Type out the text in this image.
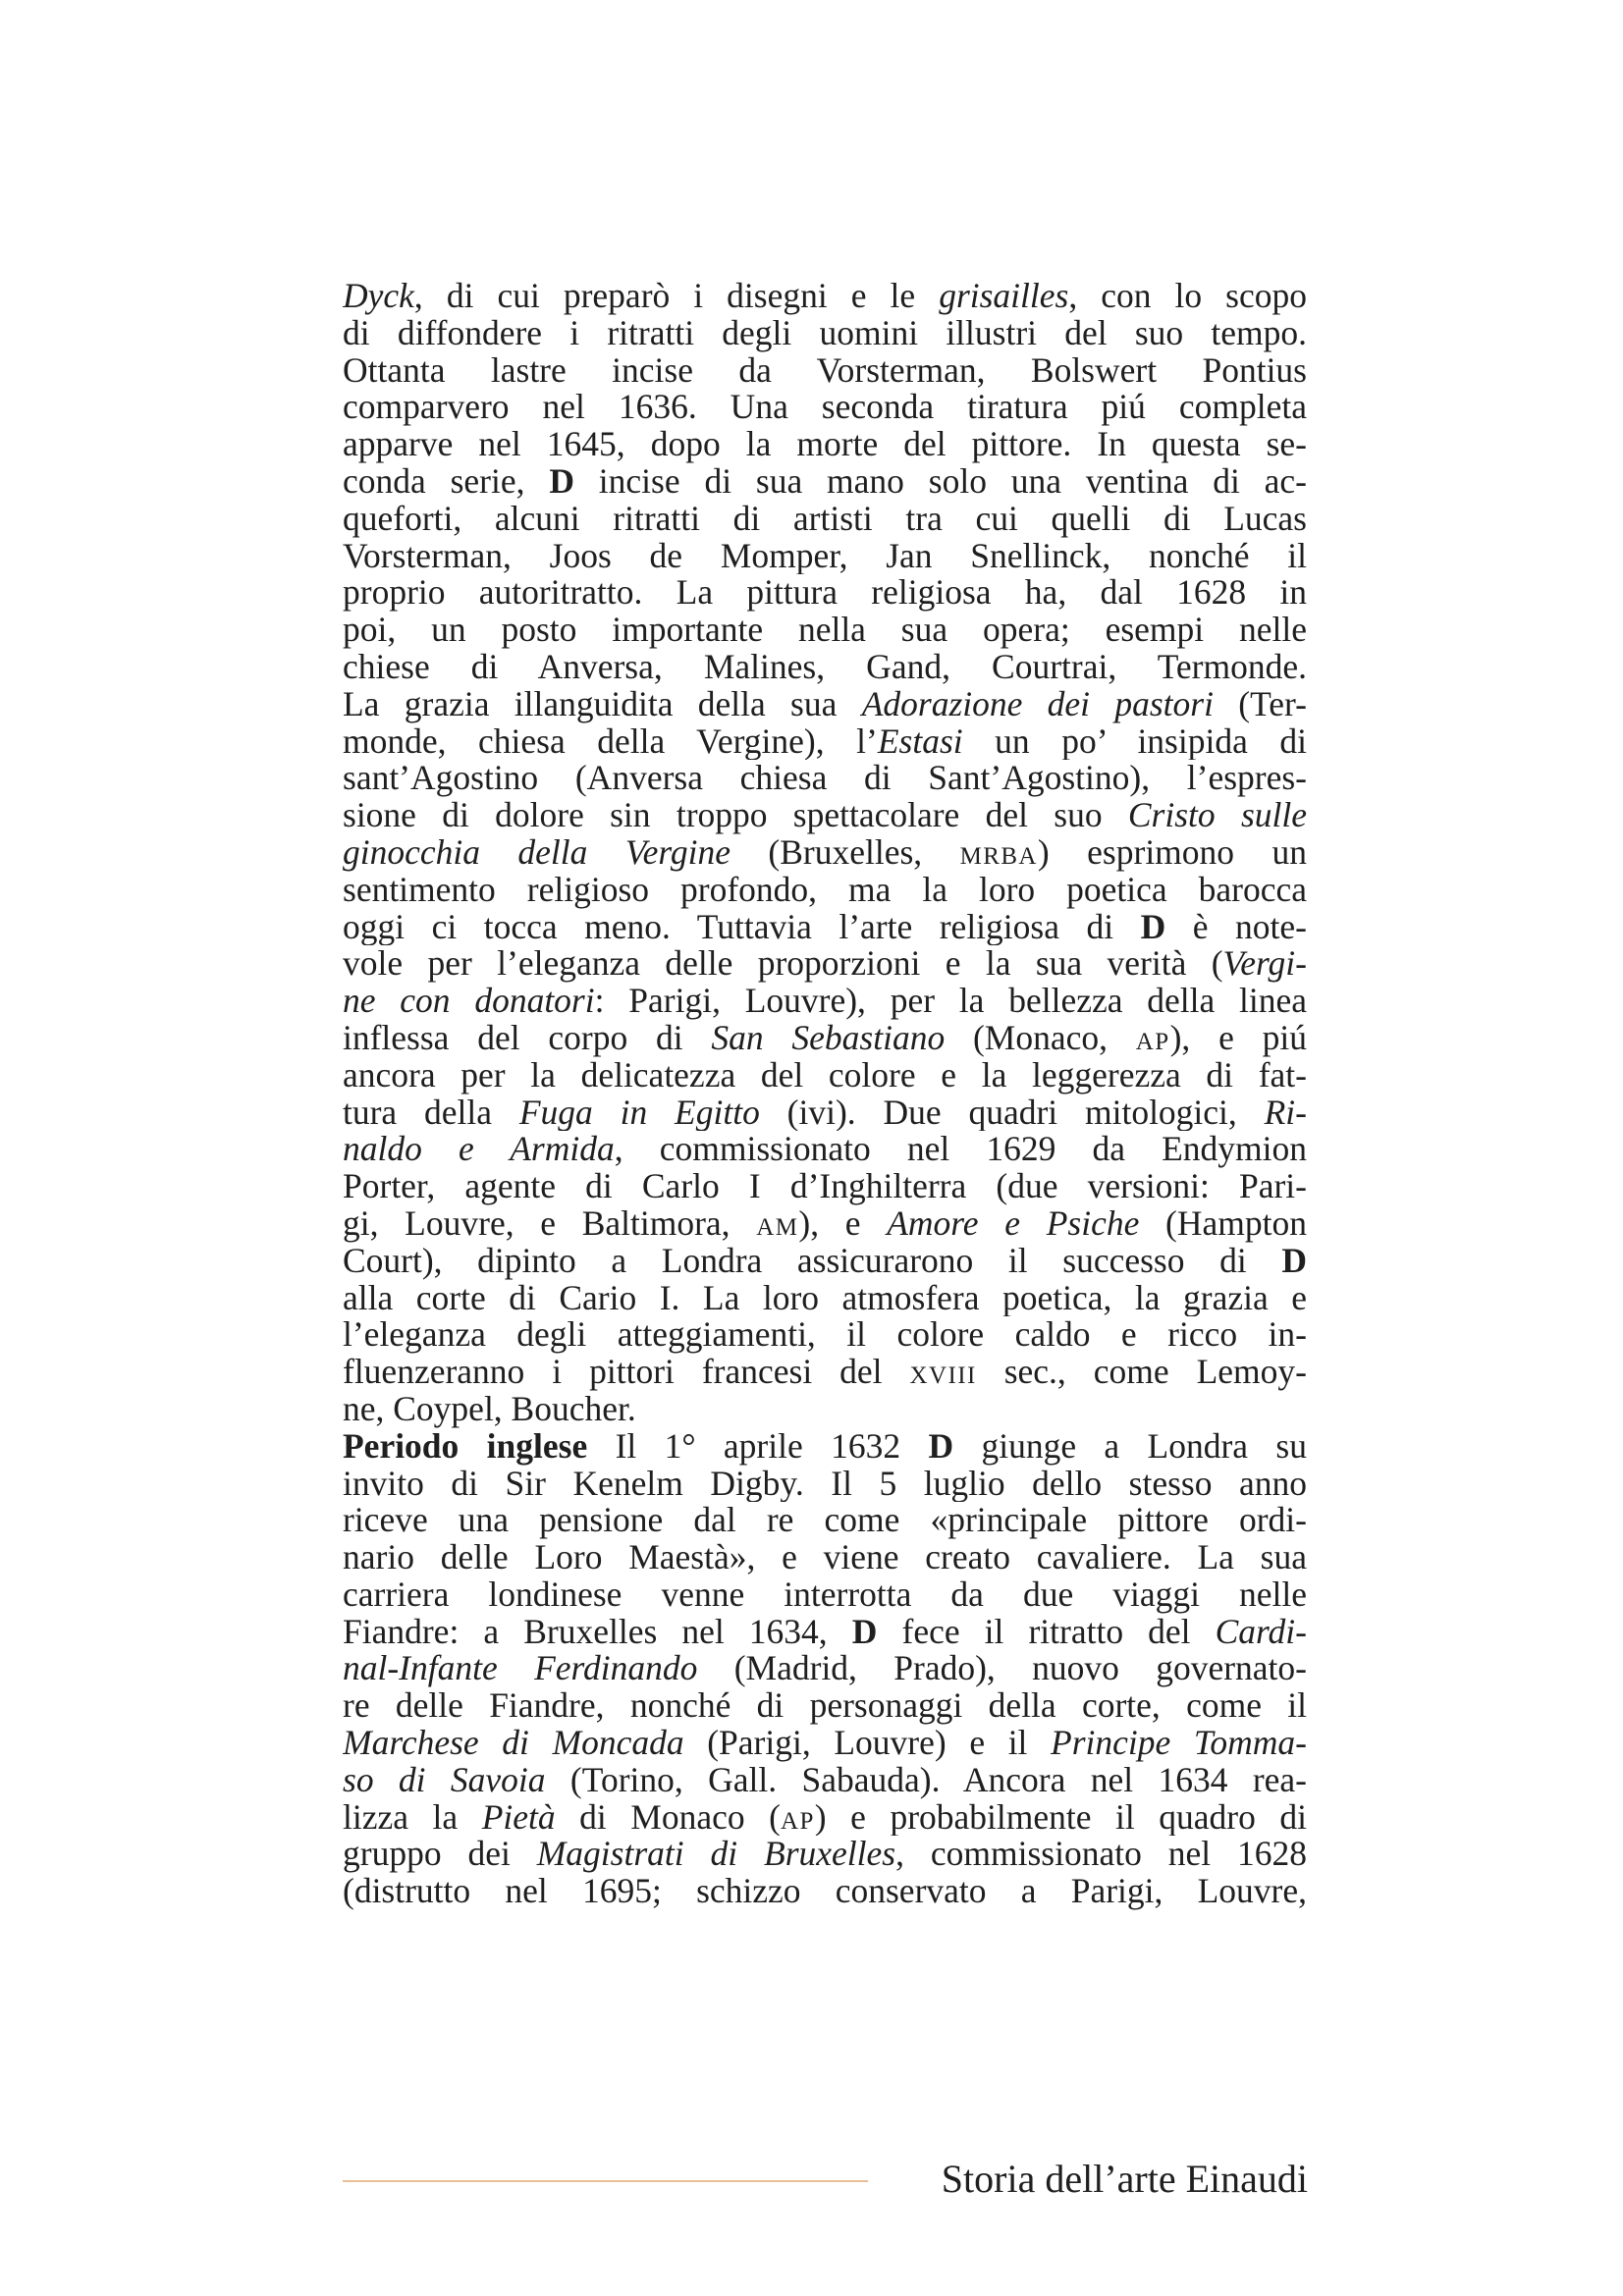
Dyck, di cui preparò i disegni e le grisailles, con lo scopo
di diffondere i ritratti degli uomini illustri del suo tempo.
Ottanta lastre incise da Vorsterman, Bolswert Pontius
comparvero nel 1636. Una seconda tiratura piú completa
apparve nel 1645, dopo la morte del pittore. In questa se-
conda serie, D incise di sua mano solo una ventina di ac-
queforti, alcuni ritratti di artisti tra cui quelli di Lucas
Vorsterman, Joos de Momper, Jan Snellinck, nonché il
proprio autoritratto. La pittura religiosa ha, dal 1628 in
poi, un posto importante nella sua opera; esempi nelle
chiese di Anversa, Malines, Gand, Courtrai, Termonde.
La grazia illanguidita della sua Adorazione dei pastori (Ter-
monde, chiesa della Vergine), l’Estasi un po’ insipida di
sant’Agostino (Anversa chiesa di Sant’Agostino), l’espres-
sione di dolore sin troppo spettacolare del suo Cristo sulle
ginocchia della Vergine (Bruxelles, mrba) esprimono un
sentimento religioso profondo, ma la loro poetica barocca
oggi ci tocca meno. Tuttavia l’arte religiosa di D è note-
vole per l’eleganza delle proporzioni e la sua verità (Vergi-
ne con donatori: Parigi, Louvre), per la bellezza della linea
inflessa del corpo di San Sebastiano (Monaco, ap), e piú
ancora per la delicatezza del colore e la leggerezza di fat-
tura della Fuga in Egitto (ivi). Due quadri mitologici, Ri-
naldo e Armida, commissionato nel 1629 da Endymion
Porter, agente di Carlo I d’Inghilterra (due versioni: Pari-
gi, Louvre, e Baltimora, am), e Amore e Psiche (Hampton
Court), dipinto a Londra assicurarono il successo di D
alla corte di Cario I. La loro atmosfera poetica, la grazia e
l’eleganza degli atteggiamenti, il colore caldo e ricco in-
fluenzeranno i pittori francesi del xviii sec., come Lemoy-
ne, Coypel, Boucher.
Periodo inglese Il 1° aprile 1632 D giunge a Londra su
invito di Sir Kenelm Digby. Il 5 luglio dello stesso anno
riceve una pensione dal re come «principale pittore ordi-
nario delle Loro Maestà», e viene creato cavaliere. La sua
carriera londinese venne interrotta da due viaggi nelle
Fiandre: a Bruxelles nel 1634, D fece il ritratto del Cardi-
nal-Infante Ferdinando (Madrid, Prado), nuovo governato-
re delle Fiandre, nonché di personaggi della corte, come il
Marchese di Moncada (Parigi, Louvre) e il Principe Tomma-
so di Savoia (Torino, Gall. Sabauda). Ancora nel 1634 rea-
lizza la Pietà di Monaco (ap) e probabilmente il quadro di
gruppo dei Magistrati di Bruxelles, commissionato nel 1628
(distrutto nel 1695; schizzo conservato a Parigi, Louvre,
Storia dell’arte Einaudi
